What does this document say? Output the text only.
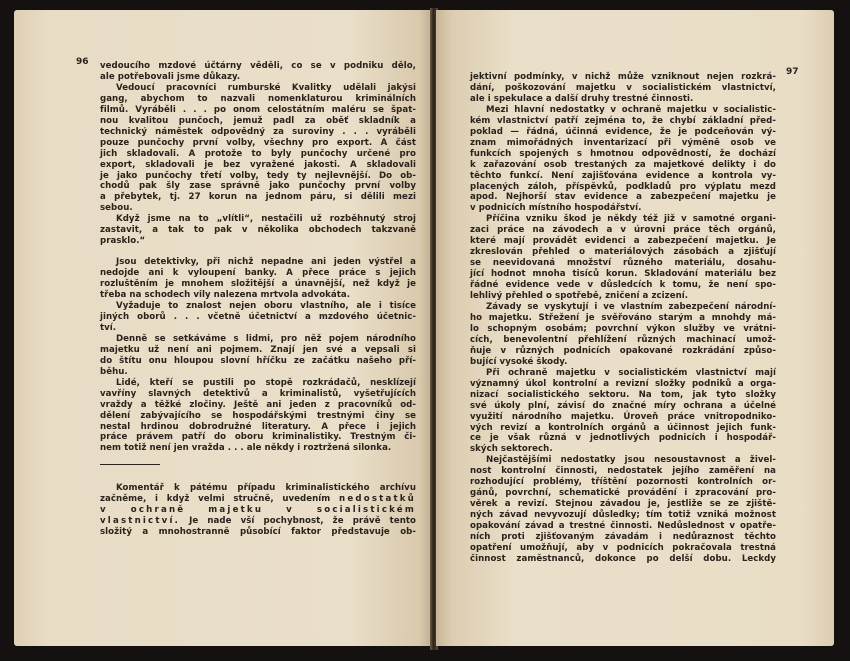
96 vedoucího mzdové účtárny věděli, co se v podniku dělo,
ale potřebovali jsme důkazy.
Vedoucí pracovníci rumburské Kvalitky udělali jakýsi
gang, abychom to nazvali nomenklaturou kriminálních
filmů. Vyráběli . . . po onom celostátním maléru se špat-
nou kvalitou punčoch, jemuž padl za oběť skladník a
technický náměstek odpovědný za suroviny . . . vyráběli
pouze punčochy první volby, všechny pro export. A část
jich skladovali. A protože to byly punčochy určené pro
export, skladovali je bez vyražené jakosti. A skladovali
je jako punčochy třetí volby, tedy ty nejlevnější. Do ob-
chodů pak šly zase správně jako punčochy první volby
a přebytek, tj. 27 korun na jednom páru, si dělili mezi
sebou.
Když jsme na to „vlítli“, nestačili už rozběhnutý stroj
zastavit, a tak to pak v několika obchodech takzvaně
prasklo.“
Jsou detektivky, při nichž nepadne ani jeden výstřel a
nedojde ani k vyloupení banky. A přece práce s jejich
rozluštěním je mnohem složitější a únavnější, než když je
třeba na schodech vily nalezena mrtvola advokáta.
Vyžaduje to znalost nejen oboru vlastního, ale i tisíce
jiných oborů . . . včetně účetnictví a mzdového účetnic-
tví.
Denně se setkáváme s lidmi, pro něž pojem národního
majetku už není ani pojmem. Znají jen své a vepsali si
do štítu onu hloupou slovní hříčku ze začátku našeho pří-
běhu.
Lidé, kteří se pustili po stopě rozkrádačů, nesklízejí
vavříny slavných detektivů a kriminalistů, vyšetřujících
vraždy a těžké zločiny. Ještě ani jeden z pracovníků od-
dělení zabývajícího se hospodářskými trestnými činy se
nestal hrdinou dobrodružné literatury. A přece i jejich
práce právem patří do oboru kriminalistiky. Trestným či-
nem totiž není jen vražda . . . ale někdy i roztržená silonka.
Komentář k pátému případu kriminalistického archívu
začněme, i když velmi stručně, uvedením nedostatků
v ochraně majetku v socialistickém
vlastnictví. Je nade vší pochybnost, že právě tento
složitý a mnohostranně působící faktor představuje ob-
97
jektivní podmínky, v nichž může vzniknout nejen rozkrá-
dání, poškozování majetku v socialistickém vlastnictví,
ale i spekulace a další druhy trestné činnosti.
Mezi hlavní nedostatky v ochraně majetku v socialistic-
kém vlastnictví patří zejména to, že chybí základní před-
poklad — řádná, účinná evidence, že je podceňován vý-
znam mimořádných inventarizací při výměně osob ve
funkcích spojených s hmotnou odpovědností, že dochází
k zařazování osob trestaných za majetkové delikty i do
těchto funkcí. Není zajišťována evidence a kontrola vy-
placených záloh, příspěvků, podkladů pro výplatu mezd
apod. Nejhorší stav evidence a zabezpečení majetku je
v podnicích místního hospodářství.
Příčina vzniku škod je někdy též již v samotné organi-
zaci práce na závodech a v úrovni práce těch orgánů,
které mají provádět evidenci a zabezpečení majetku. Je
zkreslován přehled o materiálových zásobách a zjišťují
se neevidovaná množství různého materiálu, dosahu-
jící hodnot mnoha tisíců korun. Skladování materiálu bez
řádné evidence vede v důsledcích k tomu, že není spo-
lehlivý přehled o spotřebě, zničení a zcizení.
Závady se vyskytují i ve vlastním zabezpečení národní-
ho majetku. Střežení je svěřováno starým a mnohdy má-
lo schopným osobám; povrchní výkon služby ve vrátni-
cích, benevolentní přehlížení různých machinací umož-
ňuje v různých podnicích opakované rozkrádání způso-
bující vysoké škody.
Při ochraně majetku v socialistickém vlastnictví mají
významný úkol kontrolní a revizní složky podniků a orga-
nizací socialistického sektoru. Na tom, jak tyto složky
své úkoly plní, závisí do značné míry ochrana a účelné
využití národního majetku. Úroveň práce vnitropodniko-
vých revizí a kontrolních orgánů a účinnost jejich funk-
ce je však různá v jednotlivých podnicích i hospodář-
ských sektorech.
Nejčastějšími nedostatky jsou nesoustavnost a živel-
nost kontrolní činnosti, nedostatek jejího zaměření na
rozhodující problémy, tříštění pozornosti kontrolních or-
gánů, povrchní, schematické provádění i zpracování pro-
věrek a revizí. Stejnou závadou je, jestliže se ze zjiště-
ných závad nevyvozují důsledky; tím totiž vzniká možnost
opakování závad a trestné činnosti. Nedůslednost v opatře-
ních proti zjišťovaným závadám i nedůraznost těchto
opatření umožňují, aby v podnicích pokračovala trestná
činnost zaměstnanců, dokonce po delší dobu. Leckdy
